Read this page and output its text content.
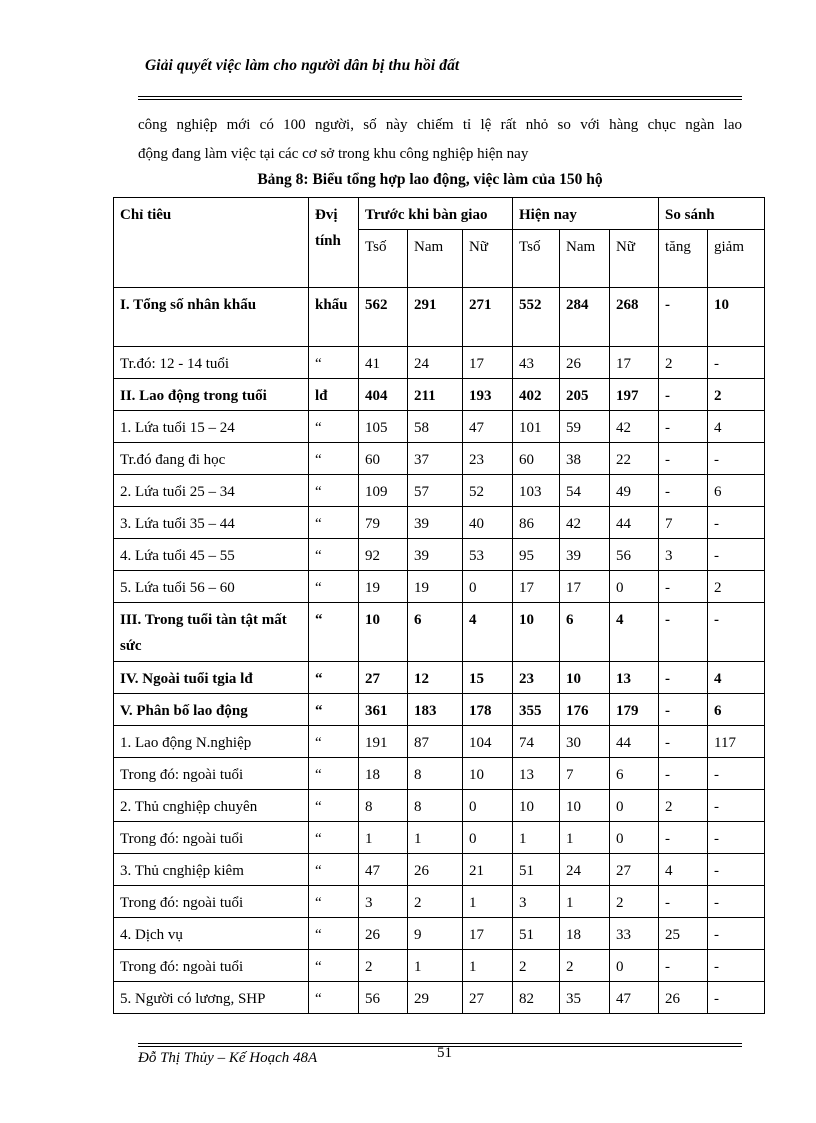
Giải quyết việc làm cho người dân bị thu hồi đất

công nghiệp mới có 100 người, số này chiếm tỉ lệ rất nhỏ so với hàng chục ngàn lao

động đang làm việc tại các cơ sở trong khu công nghiệp hiện nay

Bảng 8: Biểu tổng hợp lao động, việc làm của 150 hộ
Chỉ tiêu	Đvị tính	Trước khi bàn giao			Hiện nay			So sánh	
		Tsố	Nam	Nữ	Tsố	Nam	Nữ	tăng	giảm
I. Tổng số nhân khẩu	khẩu	562	291	271	552	284	268	-	10
Tr.đó: 12 - 14 tuổi	“	41	24	17	43	26	17	2	-
II. Lao động trong tuổi	lđ	404	211	193	402	205	197	-	2
1. Lứa tuổi 15 – 24	“	105	58	47	101	59	42	-	4
Tr.đó đang đi học	“	60	37	23	60	38	22	-	-
2. Lứa tuổi 25 – 34	“	109	57	52	103	54	49	-	6
3. Lứa tuổi 35 – 44	“	79	39	40	86	42	44	7	-
4. Lứa tuổi 45 – 55	“	92	39	53	95	39	56	3	-
5. Lứa tuổi 56 – 60	“	19	19	0	17	17	0	-	2
III. Trong tuổi tàn tật mất sức	“	10	6	4	10	6	4	-	-
IV. Ngoài tuổi tgia lđ	“	27	12	15	23	10	13	-	4
V. Phân bố lao động	“	361	183	178	355	176	179	-	6
1. Lao động N.nghiệp	“	191	87	104	74	30	44	-	117
Trong đó: ngoài tuổi	“	18	8	10	13	7	6	-	-
2. Thủ cnghiệp chuyên	“	8	8	0	10	10	0	2	-
Trong đó: ngoài tuổi	“	1	1	0	1	1	0	-	-
3. Thủ cnghiệp kiêm	“	47	26	21	51	24	27	4	-
Trong đó: ngoài tuổi	“	3	2	1	3	1	2	-	-
4. Dịch vụ	“	26	9	17	51	18	33	25	-
Trong đó: ngoài tuổi	“	2	1	1	2	2	0	-	-
5. Người có lương, SHP	“	56	29	27	82	35	47	26	-
Đỗ Thị Thủy – Kế Hoạch 48A	51
